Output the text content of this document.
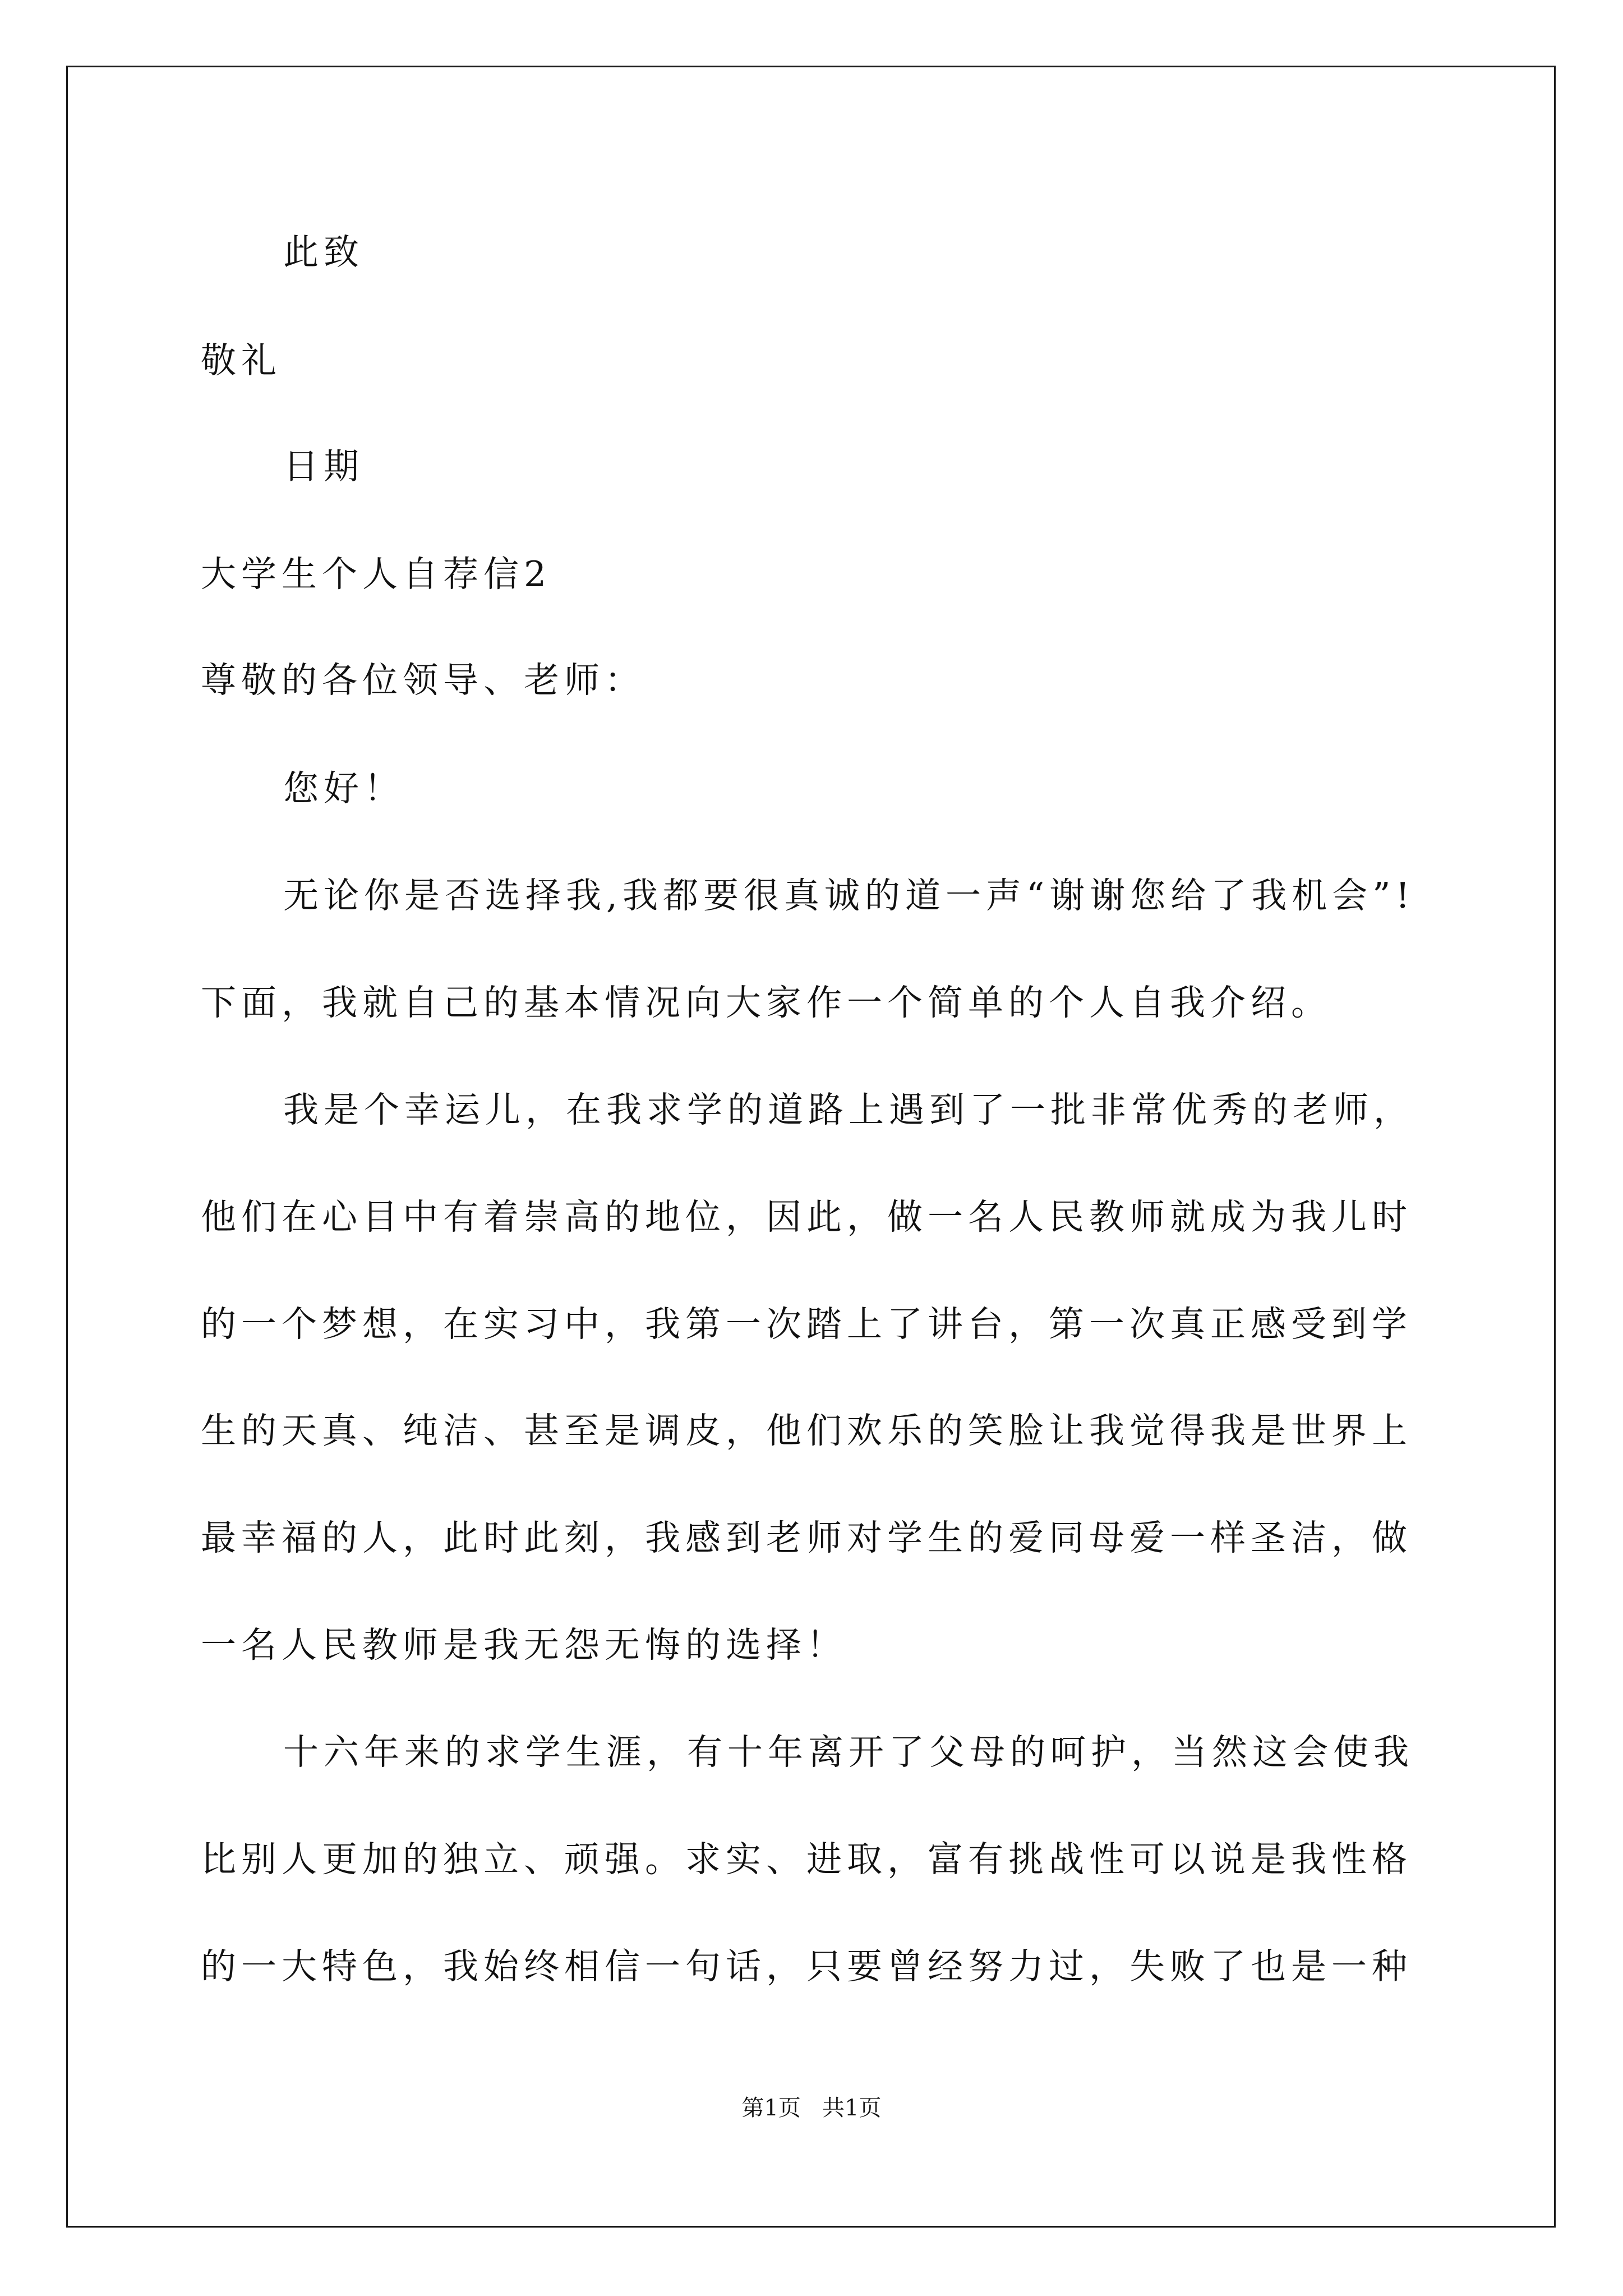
此致
敬礼
日期
大学生个人自荐信2
尊敬的各位领导、老师：
您好！
无论你是否选择我,我都要很真诚的道一声“谢谢您给了我机会”!
下面，我就自己的基本情况向大家作一个简单的个人自我介绍。
我是个幸运儿，在我求学的道路上遇到了一批非常优秀的老师，
他们在心目中有着崇高的地位，因此，做一名人民教师就成为我儿时
的一个梦想，在实习中，我第一次踏上了讲台，第一次真正感受到学
生的天真、纯洁、甚至是调皮，他们欢乐的笑脸让我觉得我是世界上
最幸福的人，此时此刻，我感到老师对学生的爱同母爱一样圣洁，做
一名人民教师是我无怨无悔的选择！
十六年来的求学生涯，有十年离开了父母的呵护，当然这会使我
比别人更加的独立、顽强。求实、进取，富有挑战性可以说是我性格
的一大特色，我始终相信一句话，只要曾经努力过，失败了也是一种
第1页   共1页
